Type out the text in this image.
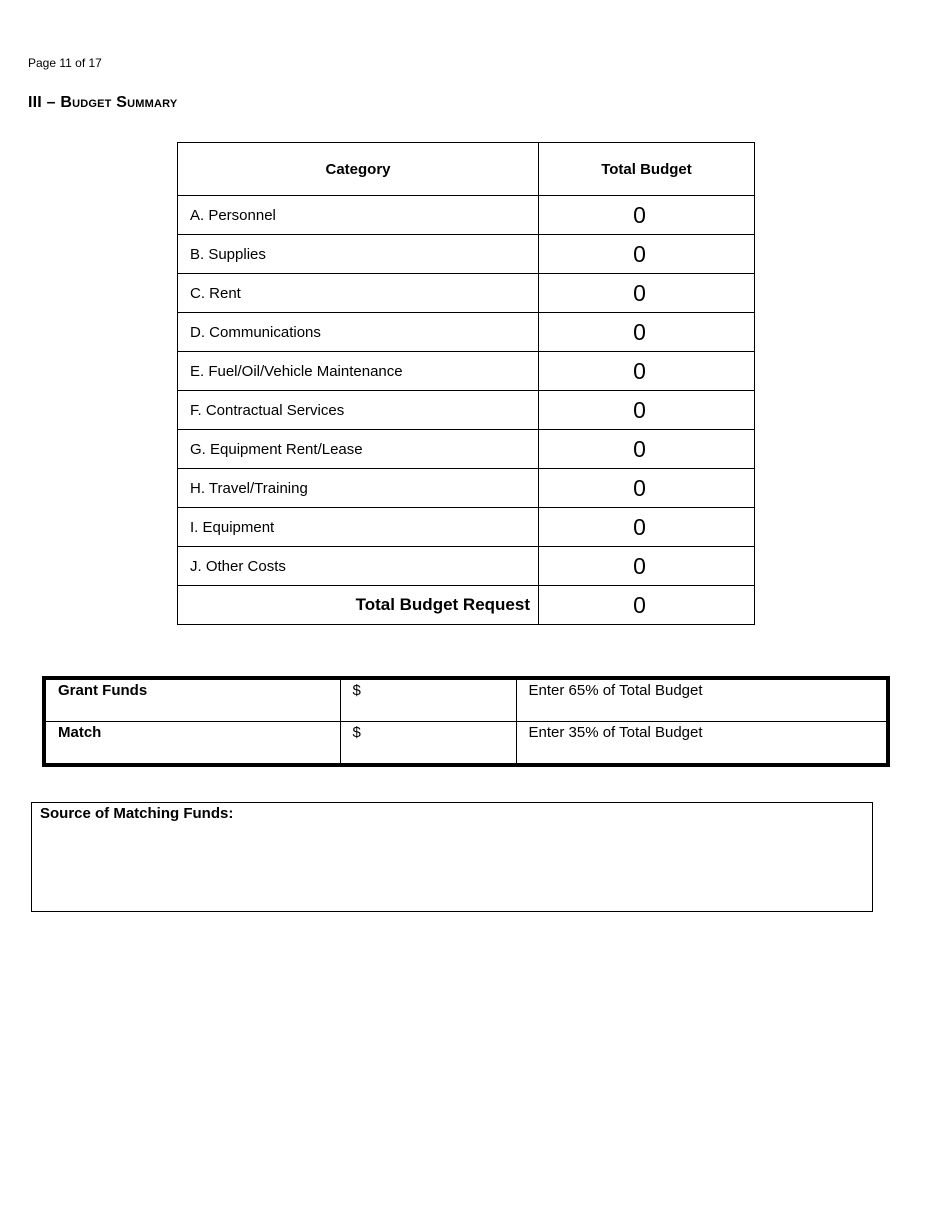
Page 11 of 17
III – Budget Summary
Category	Total Budget
A. Personnel	0
B. Supplies	0
C. Rent	0
D. Communications	0
E. Fuel/Oil/Vehicle Maintenance	0
F. Contractual Services	0
G. Equipment Rent/Lease	0
H. Travel/Training	0
I. Equipment	0
J. Other Costs	0
Total Budget Request	0
Grant Funds	$	Enter 65% of Total Budget
Match	$	Enter 35% of Total Budget
Source of Matching Funds:
